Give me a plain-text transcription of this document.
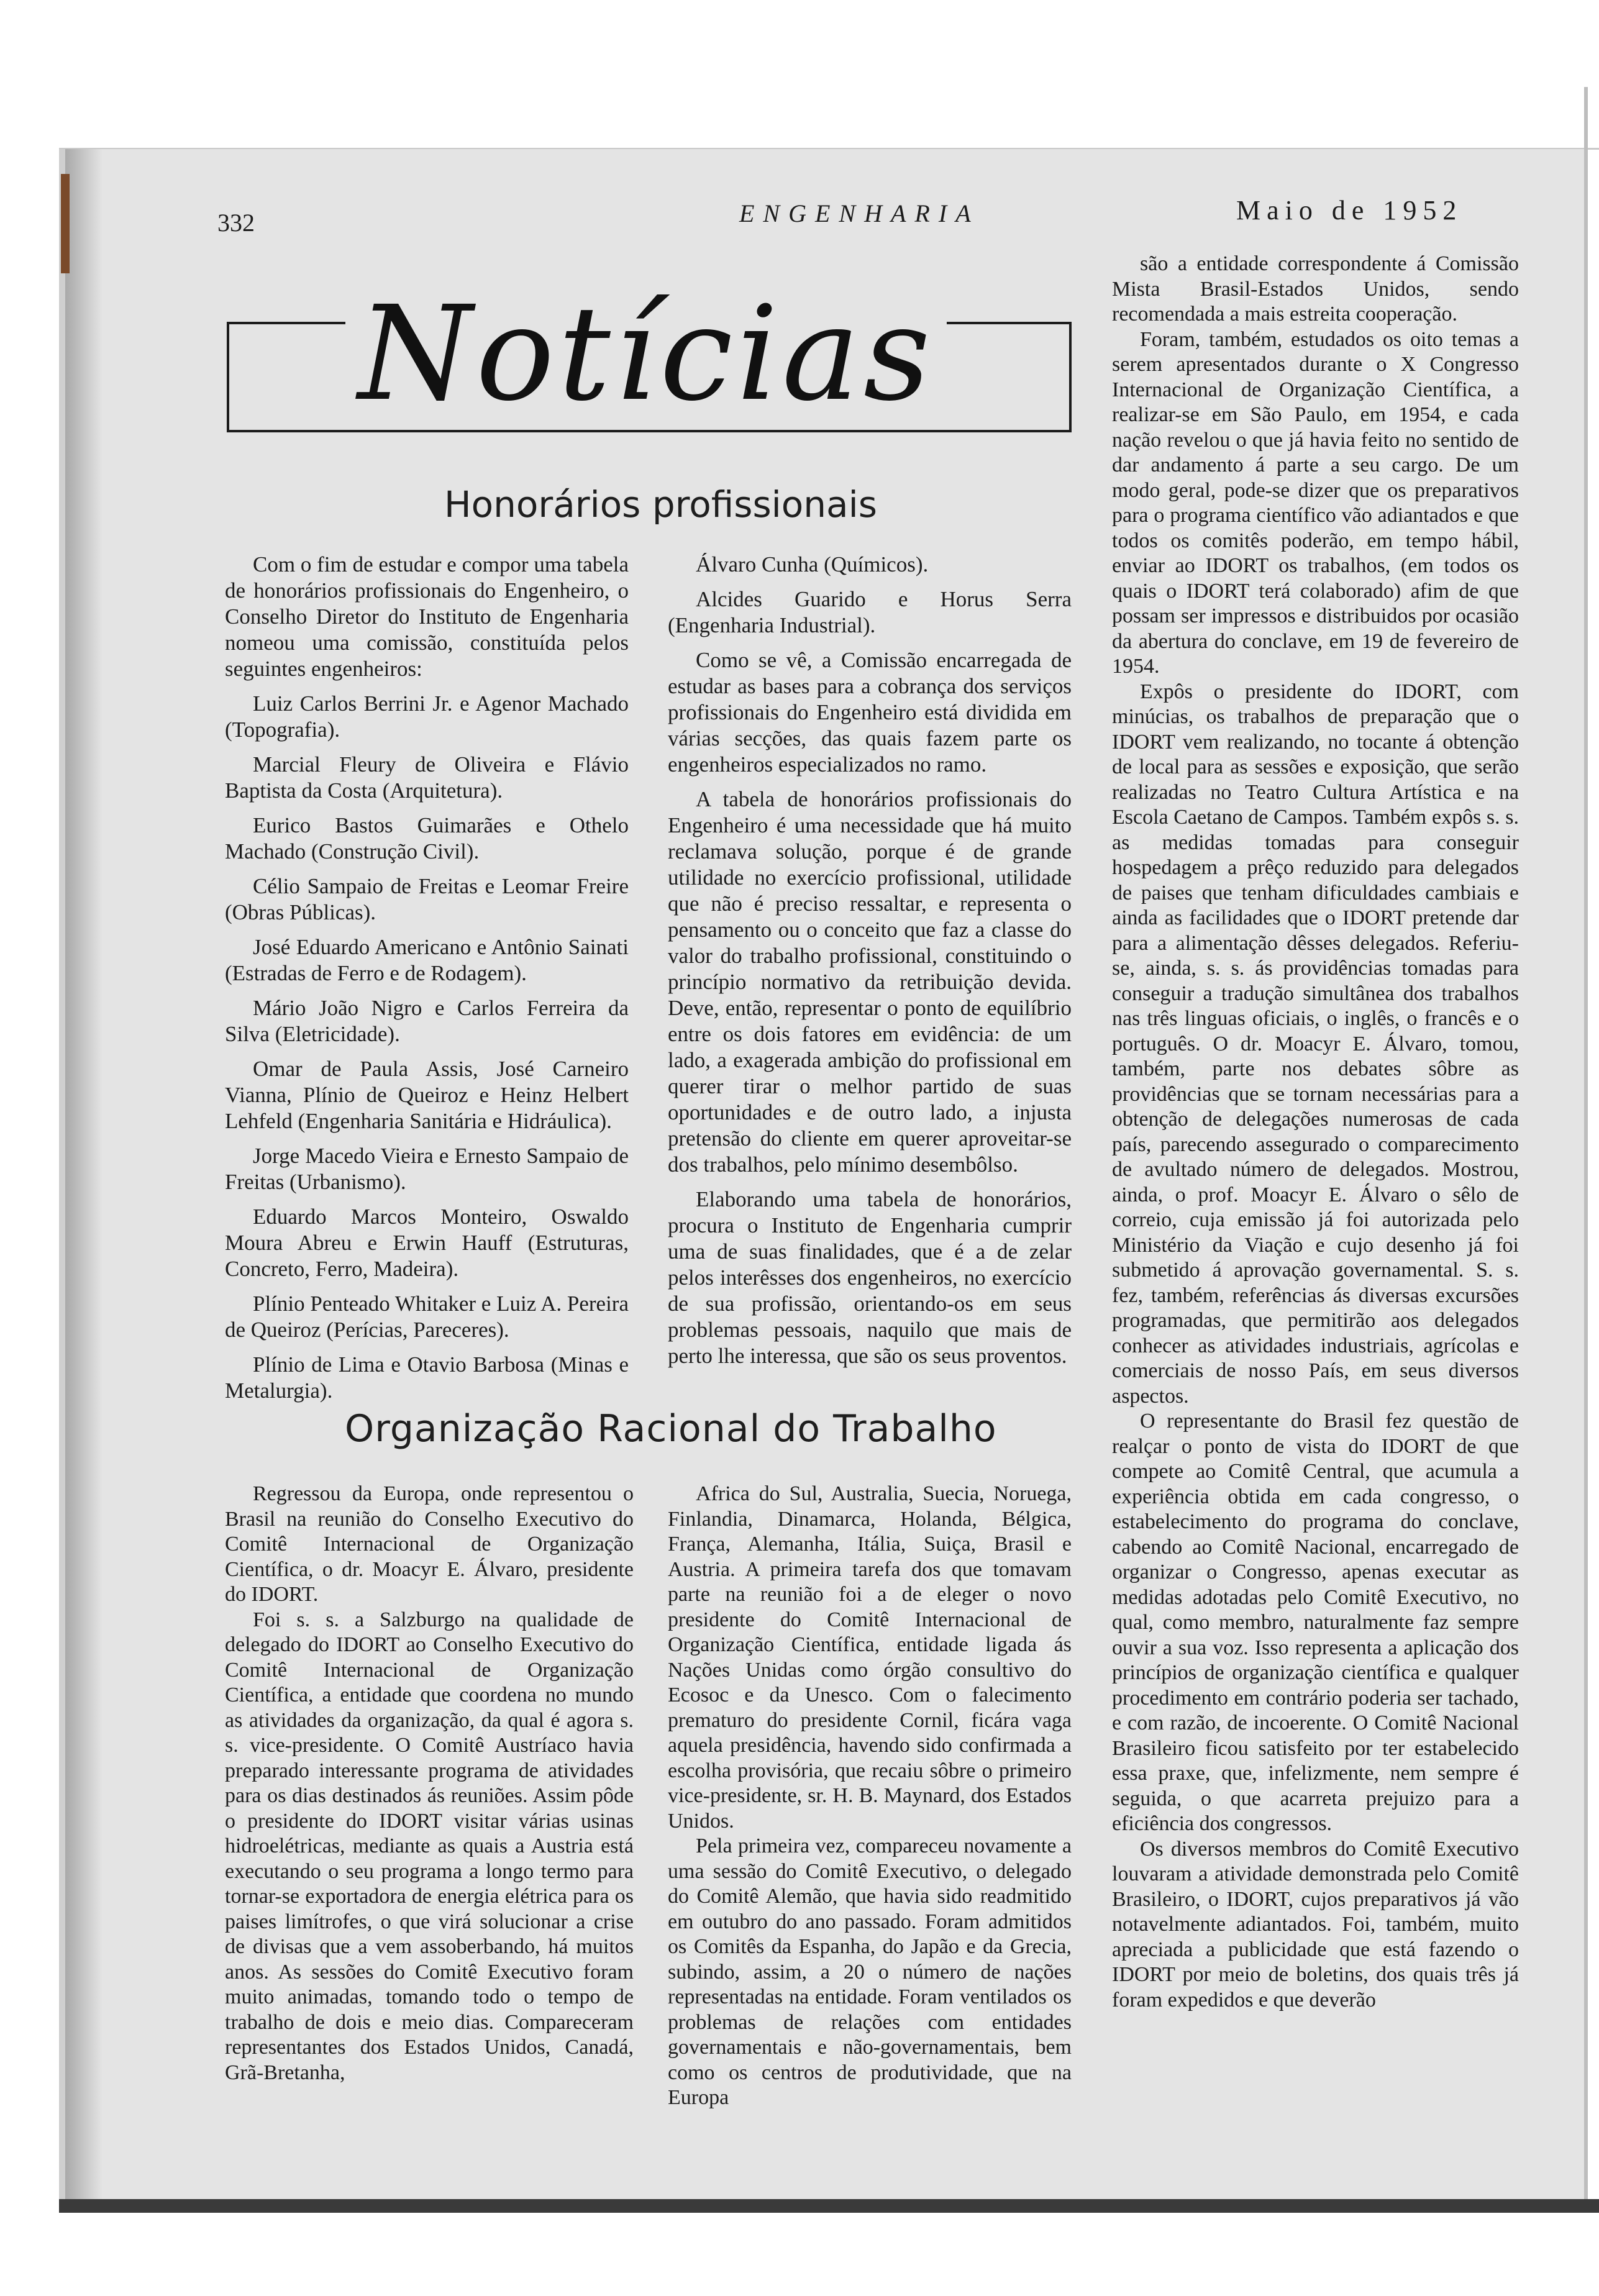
332	ENGENHARIA	Maio de 1952
Notícias
Honorários profissionais

Com o fim de estudar e compor uma tabela de honorários profissionais do Engenheiro, o Conselho Diretor do Instituto de Engenharia nomeou uma comissão, constituída pelos seguintes engenheiros:

Luiz Carlos Berrini Jr. e Agenor Machado (Topografia).

Marcial Fleury de Oliveira e Flávio Baptista da Costa (Arquitetura).

Eurico Bastos Guimarães e Othelo Machado (Construção Civil).

Célio Sampaio de Freitas e Leomar Freire (Obras Públicas).

José Eduardo Americano e Antônio Sainati (Estradas de Ferro e de Rodagem).

Mário João Nigro e Carlos Ferreira da Silva (Eletricidade).

Omar de Paula Assis, José Carneiro Vianna, Plínio de Queiroz e Heinz Helbert Lehfeld (Engenharia Sanitária e Hidráulica).

Jorge Macedo Vieira e Ernesto Sampaio de Freitas (Urbanismo).

Eduardo Marcos Monteiro, Oswaldo Moura Abreu e Erwin Hauff (Estruturas, Concreto, Ferro, Madeira).

Plínio Penteado Whitaker e Luiz A. Pereira de Queiroz (Perícias, Pareceres).

Plínio de Lima e Otavio Barbosa (Minas e Metalurgia).

Álvaro Cunha (Químicos).

Alcides Guarido e Horus Serra (Engenharia Industrial).

Como se vê, a Comissão encarregada de estudar as bases para a cobrança dos serviços profissionais do Engenheiro está dividida em várias secções, das quais fazem parte os engenheiros especializados no ramo.

A tabela de honorários profissionais do Engenheiro é uma necessidade que há muito reclamava solução, porque é de grande utilidade no exercício profissional, utilidade que não é preciso ressaltar, e representa o pensamento ou o conceito que faz a classe do valor do trabalho profissional, constituindo o princípio normativo da retribuição devida. Deve, então, representar o ponto de equilíbrio entre os dois fatores em evidência: de um lado, a exagerada ambição do profissional em querer tirar o melhor partido de suas oportunidades e de outro lado, a injusta pretensão do cliente em querer aproveitar-se dos trabalhos, pelo mínimo desembôlso.

Elaborando uma tabela de honorários, procura o Instituto de Engenharia cumprir uma de suas finalidades, que é a de zelar pelos interêsses dos engenheiros, no exercício de sua profissão, orientando-os em seus problemas pessoais, naquilo que mais de perto lhe interessa, que são os seus proventos.

são a entidade correspondente á Comissão Mista Brasil-Estados Unidos, sendo recomendada a mais estreita cooperação.

Foram, também, estudados os oito temas a serem apresentados durante o X Congresso Internacional de Organização Científica, a realizar-se em São Paulo, em 1954, e cada nação revelou o que já havia feito no sentido de dar andamento á parte a seu cargo. De um modo geral, pode-se dizer que os preparativos para o programa científico vão adiantados e que todos os comitês poderão, em tempo hábil, enviar ao IDORT os trabalhos, (em todos os quais o IDORT terá colaborado) afim de que possam ser impressos e distribuidos por ocasião da abertura do conclave, em 19 de fevereiro de 1954.

Expôs o presidente do IDORT, com minúcias, os trabalhos de preparação que o IDORT vem realizando, no tocante á obtenção de local para as sessões e exposição, que serão realizadas no Teatro Cultura Artística e na Escola Caetano de Campos. Também expôs s. s. as medidas tomadas para conseguir hospedagem a prêço reduzido para delegados de paises que tenham dificuldades cambiais e ainda as facilidades que o IDORT pretende dar para a alimentação dêsses delegados. Referiu-se, ainda, s. s. ás providências tomadas para conseguir a tradução simultânea dos trabalhos nas três linguas oficiais, o inglês, o francês e o português. O dr. Moacyr E. Álvaro, tomou, também, parte nos debates sôbre as providências que se tornam necessárias para a obtenção de delegações numerosas de cada país, parecendo assegurado o comparecimento de avultado número de delegados. Mostrou, ainda, o prof. Moacyr E. Álvaro o sêlo de correio, cuja emissão já foi autorizada pelo Ministério da Viação e cujo desenho já foi submetido á aprovação governamental. S. s. fez, também, referências ás diversas excursões programadas, que permitirão aos delegados conhecer as atividades industriais, agrícolas e comerciais de nosso País, em seus diversos aspectos.

O representante do Brasil fez questão de realçar o ponto de vista do IDORT de que compete ao Comitê Central, que acumula a experiência obtida em cada congresso, o estabelecimento do programa do conclave, cabendo ao Comitê Nacional, encarregado de organizar o Congresso, apenas executar as medidas adotadas pelo Comitê Executivo, no qual, como membro, naturalmente faz sempre ouvir a sua voz. Isso representa a aplicação dos princípios de organização científica e qualquer procedimento em contrário poderia ser tachado, e com razão, de incoerente. O Comitê Nacional Brasileiro ficou satisfeito por ter estabelecido essa praxe, que, infelizmente, nem sempre é seguida, o que acarreta prejuizo para a eficiência dos congressos.

Os diversos membros do Comitê Executivo louvaram a atividade demonstrada pelo Comitê Brasileiro, o IDORT, cujos preparativos já vão notavelmente adiantados. Foi, também, muito apreciada a publicidade que está fazendo o IDORT por meio de boletins, dos quais três já foram expedidos e que deverão

Organização Racional do Trabalho

Regressou da Europa, onde representou o Brasil na reunião do Conselho Executivo do Comitê Internacional de Organização Científica, o dr. Moacyr E. Álvaro, presidente do IDORT.

Foi s. s. a Salzburgo na qualidade de delegado do IDORT ao Conselho Executivo do Comitê Internacional de Organização Científica, a entidade que coordena no mundo as atividades da organização, da qual é agora s. s. vice-presidente. O Comitê Austríaco havia preparado interessante programa de atividades para os dias destinados ás reuniões. Assim pôde o presidente do IDORT visitar várias usinas hidroelétricas, mediante as quais a Austria está executando o seu programa a longo termo para tornar-se exportadora de energia elétrica para os paises limítrofes, o que virá solucionar a crise de divisas que a vem assoberbando, há muitos anos. As sessões do Comitê Executivo foram muito animadas, tomando todo o tempo de trabalho de dois e meio dias. Compareceram representantes dos Estados Unidos, Canadá, Grã-Bretanha,

Africa do Sul, Australia, Suecia, Noruega, Finlandia, Dinamarca, Holanda, Bélgica, França, Alemanha, Itália, Suiça, Brasil e Austria. A primeira tarefa dos que tomavam parte na reunião foi a de eleger o novo presidente do Comitê Internacional de Organização Científica, entidade ligada ás Nações Unidas como órgão consultivo do Ecosoc e da Unesco. Com o falecimento prematuro do presidente Cornil, ficára vaga aquela presidência, havendo sido confirmada a escolha provisória, que recaiu sôbre o primeiro vice-presidente, sr. H. B. Maynard, dos Estados Unidos.

Pela primeira vez, compareceu novamente a uma sessão do Comitê Executivo, o delegado do Comitê Alemão, que havia sido readmitido em outubro do ano passado. Foram admitidos os Comitês da Espanha, do Japão e da Grecia, subindo, assim, a 20 o número de nações representadas na entidade. Foram ventilados os problemas de relações com entidades governamentais e não-governamentais, bem como os centros de produtividade, que na Europa
